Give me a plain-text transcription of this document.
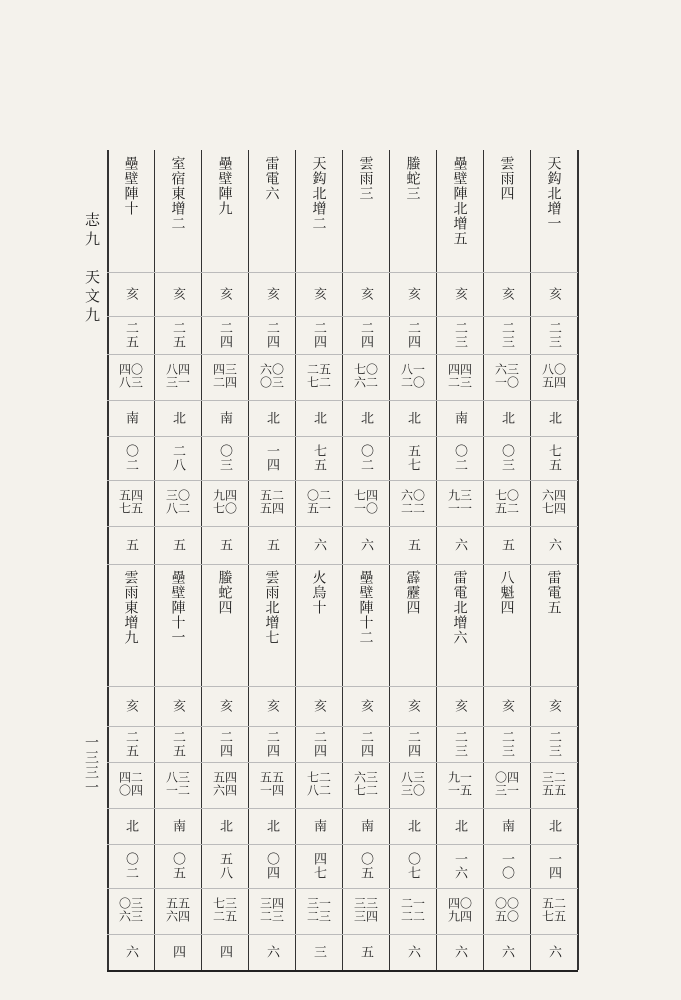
志九　天文九
一三三一
壘壁陣十 室宿東增二 壘壁陣九 雷電六 天鈎北增二 雲雨三 螣蛇三 壘壁陣北增五 雲雨四 天鈎北增一
亥 亥 亥 亥 亥 亥 亥 亥 亥 亥
二五 二五 二四 二四 二四 二四 二四 二三 二三 二三
〇三四八	四一八三	三四四二	〇三六〇	五二二七	〇二七六	一〇八二	四三四二	三〇六一	〇四八五
南 北 南 北 北 北 北 南 北 北
〇二 二八 〇三 一四 七五 〇二 五七 〇二 〇三 七五
四五五七	〇二三八	四〇九七	二四五五	二一〇五	四〇七一	〇二六二	三一九一	〇二七五	四四六七
五 五 五 五 六 六 五 六 五 六
雲雨東增九 壘壁陣十一 螣蛇四 雲雨北增七 火烏十 壘壁陣十二 霹靂四 雷電北增六 八魁四 雷電五
亥 亥 亥 亥 亥 亥 亥 亥 亥 亥
二五 二五 二四 二四 二四 二四 二四 二三 二三 二三
二四四〇	三二八一	四四五六	五四五一	二二七八	三二六七	三〇八三	一五九一	四一〇三	二五三五
北 南 北 北 南 南 北 北 南 北
〇二 〇五 五八 〇四 四七 〇五 〇七 一六 一〇 一四
三三〇六	五四五六	三五七二	四三三二	一三三二	三四三三	一二二二	〇四四九	〇〇〇五	二五五七
六 四 四 六 三 五 六 六 六 六
